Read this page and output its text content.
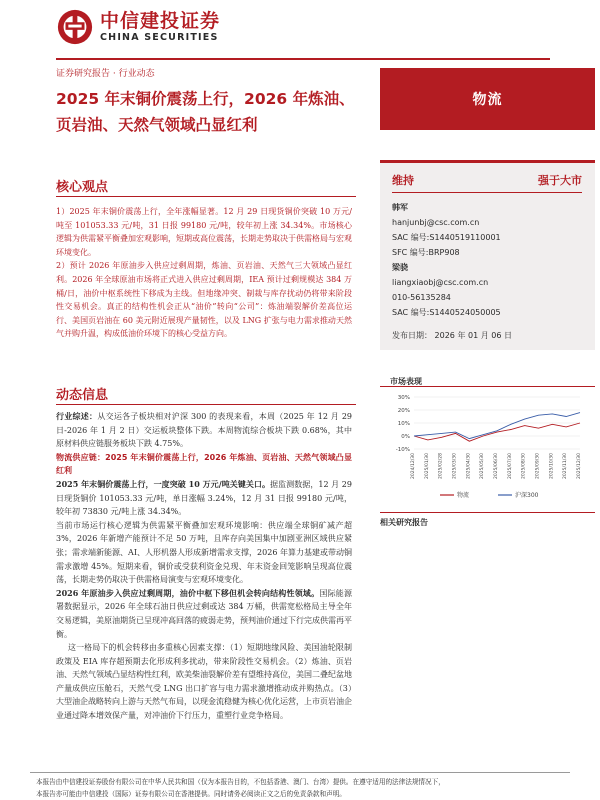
中信建投证券
CHINA SECURITIES
证券研究报告 · 行业动态
2025 年末铜价震荡上行，2026 年炼油、页岩油、天然气领域凸显红利
物流
维持	强于大市
韩军
hanjunbj@csc.com.cn
SAC 编号:S1440519110001
SFC 编号:BRP908
梁骁
liangxiaobj@csc.com.cn
010-56135284
SAC 编号:S1440524050005
发布日期： 2026 年 01 月 06 日
市场表现
30%
20%
10%
0%
-10%
2024/12/30 2025/01/30 2025/02/28 2025/03/30 2025/04/30 2025/05/30 2025/06/30 2025/07/30 2025/08/30 2025/09/30 2025/10/30 2025/11/30 2025/12/30
物流	沪深300
相关研究报告
核心观点

1）2025 年末铜价震荡上行，全年涨幅显著。12 月 29 日现货铜价突破 10 万元/吨至 101053.33 元/吨，31 日报 99180 元/吨，较年初上涨 34.34%。市场核心逻辑为供需紧平衡叠加宏观影响，短期或高位震荡，长期走势取决于供需格局与宏观环境变化。

2）预计 2026 年原油步入供应过剩周期，炼油、页岩油、天然气三大领域凸显红利。2026 年全球原油市场将正式进入供应过剩周期，IEA 预计过剩规模达 384 万桶/日，油价中枢系统性下移成为主线。但地缘冲突、制裁与库存扰动仍将带来阶段性交易机会。真正的结构性机会正从“油价”转向“公司”：炼油端裂解价差高位运行、美国页岩油在 60 美元附近展现产量韧性，以及 LNG 扩张与电力需求推动天然气并购升温，构成低油价环境下的核心受益方向。

动态信息

行业综述：从交运各子板块相对沪深 300 的表现来看，本周（2025 年 12 月 29 日-2026 年 1 月 2 日）交运板块整体下跌。本周物流综合板块下跌 0.68%，其中原材料供应链服务板块下跌 4.75%。

物流供应链：2025 年末铜价震荡上行，2026 年炼油、页岩油、天然气领域凸显红利

2025 年末铜价震荡上行，一度突破 10 万元/吨关键关口。据监测数据，12 月 29 日现货铜价 101053.33 元/吨，单日涨幅 3.24%，12 月 31 日报 99180 元/吨，较年初 73830 元/吨上涨 34.34%。

当前市场运行核心逻辑为供需紧平衡叠加宏观环境影响：供应端全球铜矿减产超 3%，2026 年新增产能预计不足 50 万吨，且库存向美国集中加剧亚洲区域供应紧张；需求端新能源、AI、人形机器人形成新增需求支撑，2026 年算力基建或带动铜需求激增 45%。短期来看，铜价或受获利资金兑现、年末资金回笼影响呈现高位震荡，长期走势仍取决于供需格局演变与宏观环境变化。

2026 年原油步入供应过剩周期，油价中枢下移但机会转向结构性领域。国际能源署数据显示，2026 年全球石油日供应过剩或达 384 万桶，供需宽松格局主导全年交易逻辑，美原油期货已呈现冲高回落的疲弱走势，预判油价通过下行完成供需再平衡。

这一格局下的机会转移由多重核心因素支撑：（1）短期地缘风险、美国油轮限制政策及 EIA 库存超预期去化形成利多扰动，带来阶段性交易机会。（2）炼油、页岩油、天然气领域凸显结构性红利，欧美柴油裂解价差有望维持高位，美国二叠纪盆地产量成供应压舱石，天然气受 LNG 出口扩容与电力需求激增推动成并购热点。（3）大型油企战略转向上游与天然气布局，以现金流稳健为核心优化运营，上市页岩油企业通过降本增效保产量，对冲油价下行压力，重塑行业竞争格局。

本报告由中信建投证券股份有限公司在中华人民共和国（仅为本报告目的，不包括香港、澳门、台湾）提供。在遵守适用的法律法规情况下，
本报告亦可能由中信建投（国际）证券有限公司在香港提供。同时请务必阅读正文之后的免责条款和声明。
